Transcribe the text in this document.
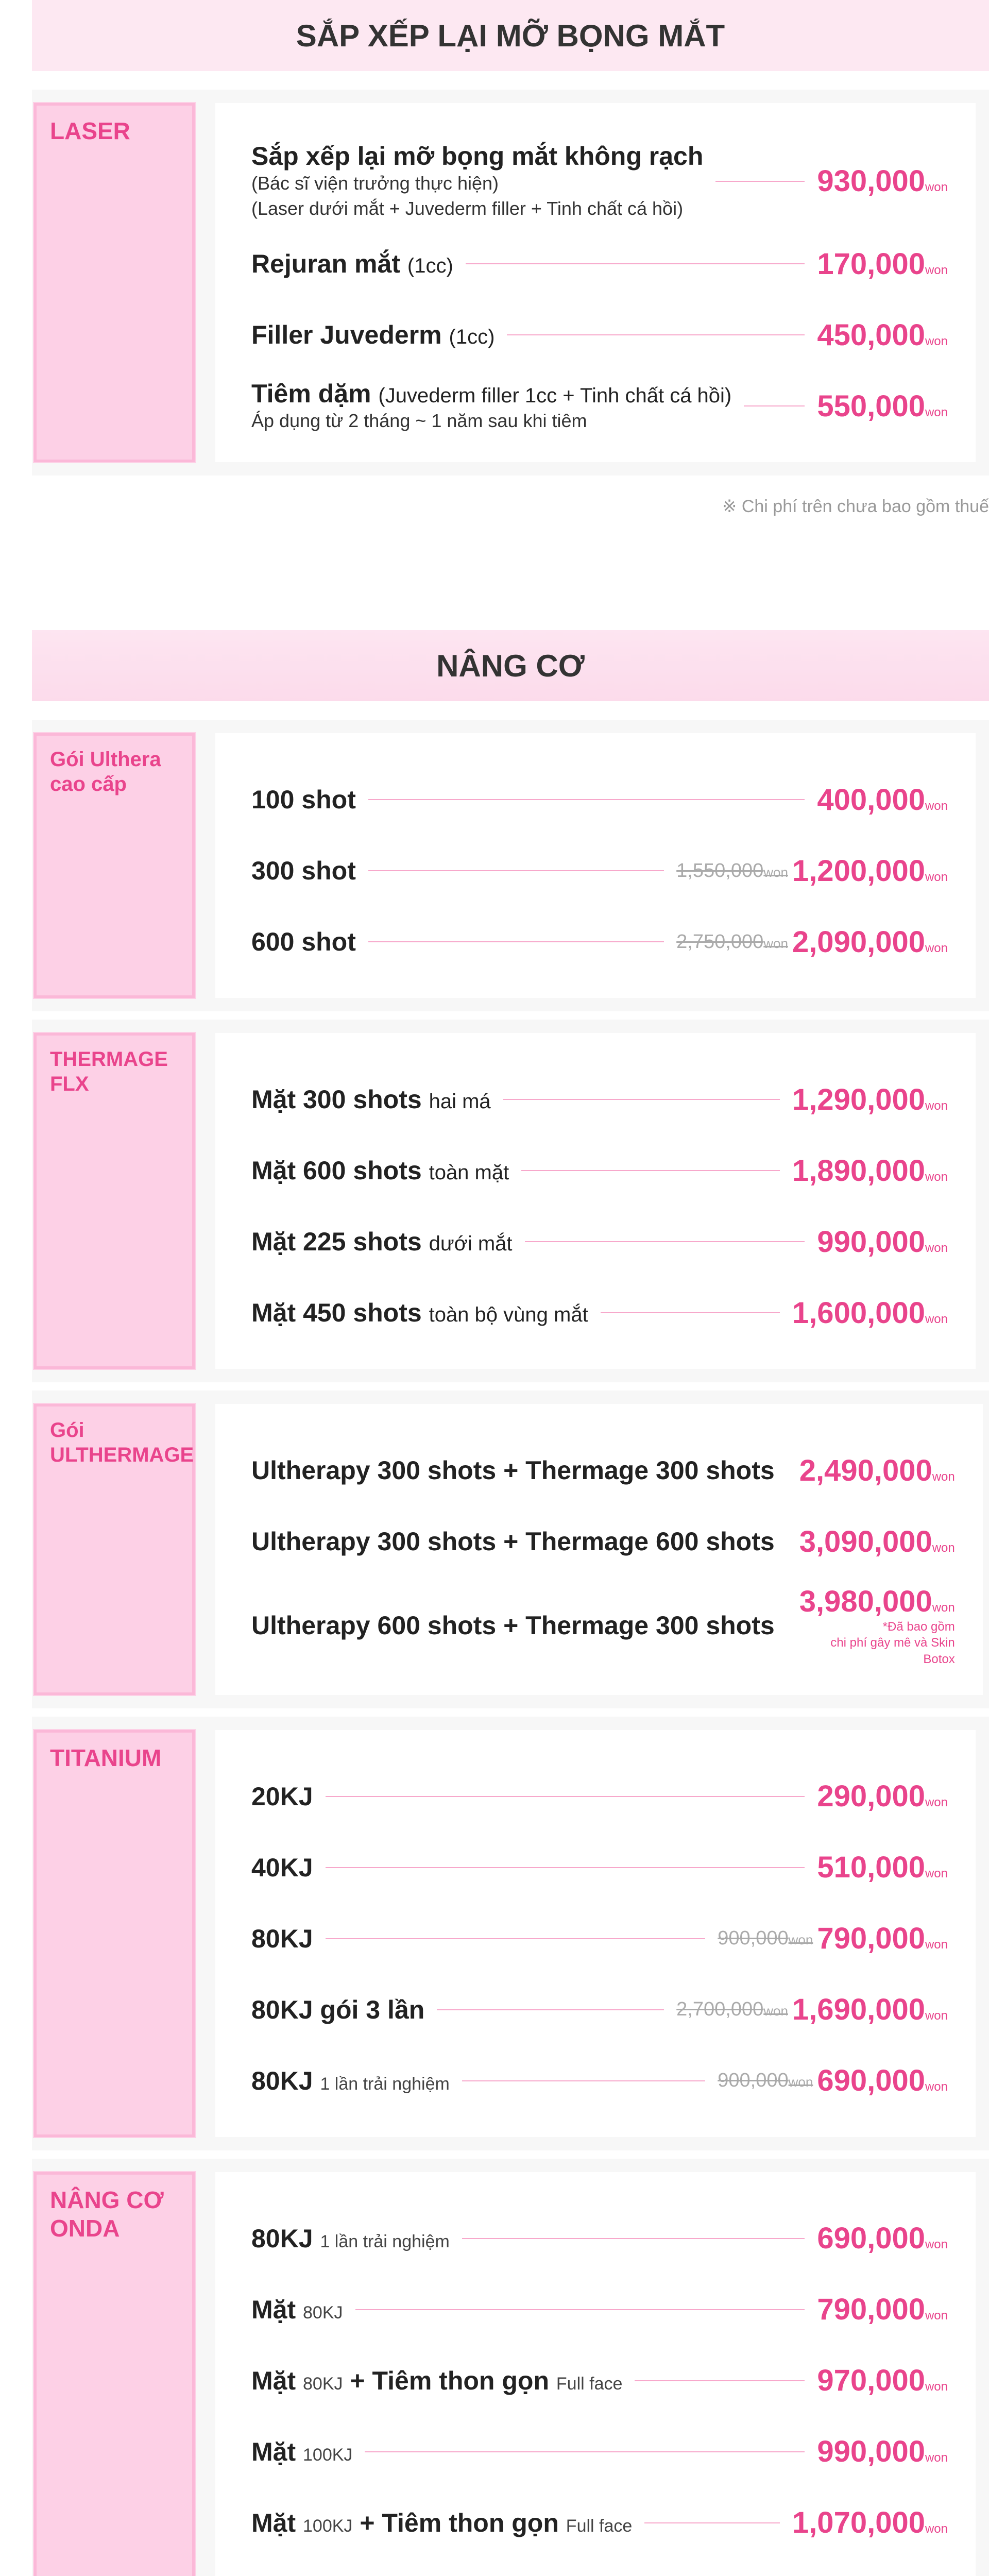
SẮP XẾP LẠI MỠ BỌNG MẮT
LASER
Sắp xếp lại mỡ bọng mắt không rạch
(Bác sĩ viện trưởng thực hiện)
(Laser dưới mắt + Juvederm filler + Tinh chất cá hồi)
930,000won
Rejuran mắt (1cc)	170,000won
Filler Juvederm (1cc)	450,000won
Tiêm dặm (Juvederm filler 1cc + Tinh chất cá hồi)
Áp dụng từ 2 tháng ~ 1 năm sau khi tiêm	550,000won
※ Chi phí trên chưa bao gồm thuế
NÂNG CƠ
Gói Ulthera cao cấp
100 shot	400,000won
300 shot	1,550,000won 1,200,000won
600 shot	2,750,000won 2,090,000won
THERMAGE FLX
Mặt 300 shots hai má	1,290,000won
Mặt 600 shots toàn mặt	1,890,000won
Mặt 225 shots dưới mắt	990,000won
Mặt 450 shots toàn bộ vùng mắt	1,600,000won
Gói ULTHERMAGE
Ultherapy 300 shots + Thermage 300 shots 2,490,000won
Ultherapy 300 shots + Thermage 600 shots 3,090,000won
Ultherapy 600 shots + Thermage 300 shots
3,980,000won
*Đã bao gồm
chi phí gây mê và Skin Botox
TITANIUM
20KJ	290,000won
40KJ	510,000won
80KJ	900,000won 790,000won
80KJ gói 3 lần	2,700,000won 1,690,000won
80KJ 1 lần trải nghiệm	900,000won 690,000won
NÂNG CƠ ONDA	80KJ 1 lần trải nghiệm	690,000won
Mặt 80KJ	790,000won
Mặt 80KJ + Tiêm thon gọn Full face	970,000won
Mặt 100KJ	990,000won
Mặt 100KJ + Tiêm thon gọn Full face	1,070,000won
